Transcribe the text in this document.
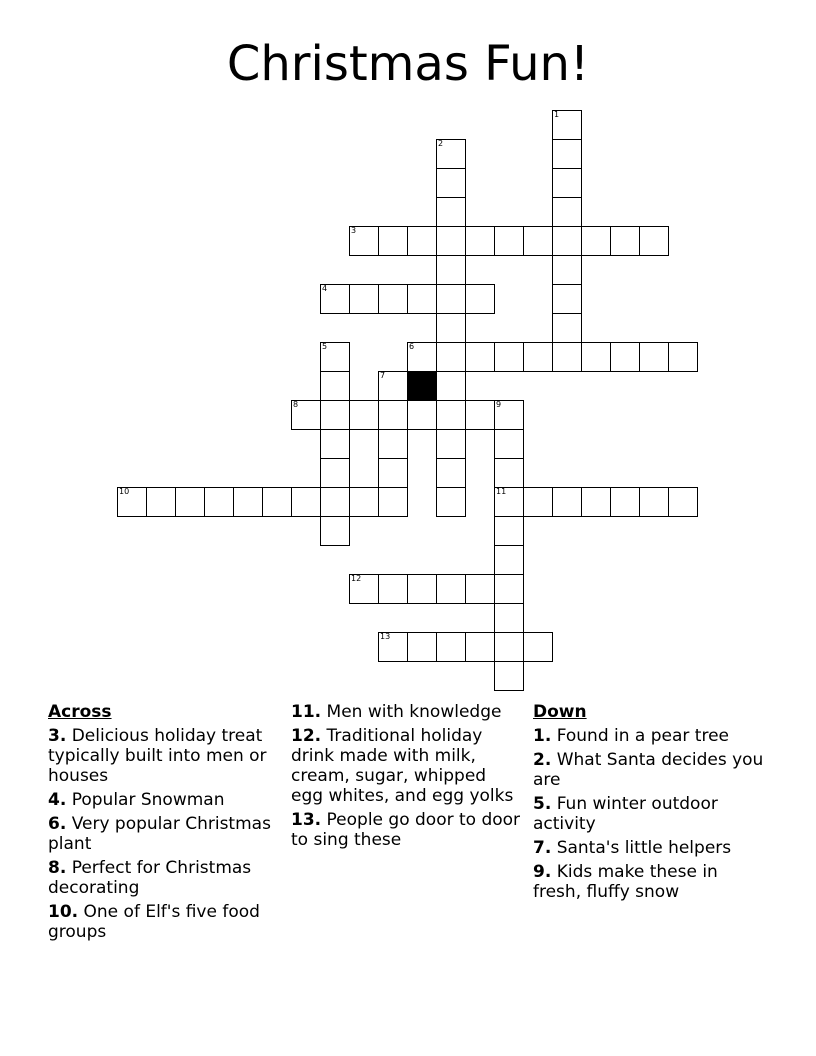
Christmas Fun!
1
2
3
4
5	6
7
8	9
10	11
12
13
Across
3. Delicious holiday treat typically built into men or houses
4. Popular Snowman
6. Very popular Christmas plant
8. Perfect for Christmas decorating
10. One of Elf's five food groups
11. Men with knowledge
12. Traditional holiday drink made with milk, cream, sugar, whipped egg whites, and egg yolks
13. People go door to door to sing these
Down
1. Found in a pear tree
2. What Santa decides you are
5. Fun winter outdoor activity
7. Santa's little helpers
9. Kids make these in fresh, fluffy snow
